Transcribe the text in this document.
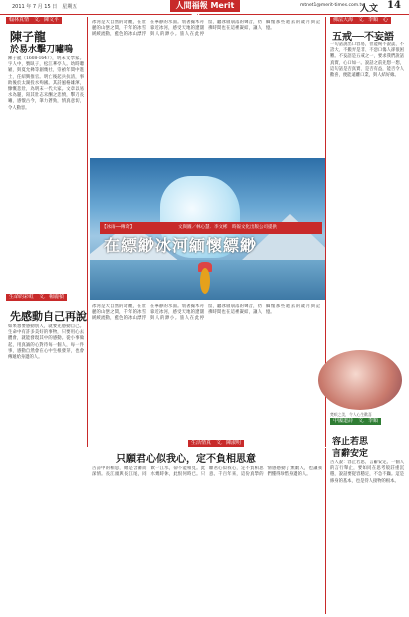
2011 年 7 月 15 日　星期五	人間福報 Merit Times
mtnet1@merit-times.com.tw
人文 14
翰林真情　文．陳文平
陳子龍
於易水擊刀嘯嗚
陳子龍（1608-1647），明末文學家。字人中，號臥子，松江華亭人。幼時聰穎，與夏允彝等創幾社，崇禎年間中進士，任紹興推官。明亡後起兵抗清，事敗後於太湖投水殉國。其詩風格雄渾，慷慨悲壯，為明末一代大家。文章以易水為題，寫其壯志未酬之悲憤，擊刀長嘯，感懷古今，筆力蒼勁，情真意切，令人動容。
生命的彩虹　文．楊麗楨
先感動自己再說
如果想要感動別人，就要先感動自己。生命中有許多美好的事物，只要用心去體會，就能發現其中的感動。從小事做起，用真誠的心對待每一個人，每一件事，感動自然會在心中生根發芽，也會傳遞給身邊的人。
冰河是大自然的奇觀，在壯麗的山巒之間，千年的冰雪緩緩流動，藍色的冰山漂浮在寧靜的水面。划著獨木舟靠近冰河，感受天地的遼闊與人的渺小。旅人在此停留，聽冰層崩落的聲音，彷彿時間也在這裡凝結，讓人緬懷那些逝去的歲月與記憶。
【冰雨──傳奇】	文與圖／林心慧．李文彬　時報文化出版公司提供
在縹緲冰河緬懷縹緲
冰河是大自然的奇觀，在壯麗的山巒之間，千年的冰雪緩緩流動，藍色的冰山漂浮在寧靜的水面。划著獨木舟靠近冰河，感受天地的遼闊與人的渺小。旅人在此停留，聽冰層崩落的聲音，彷彿時間也在這裡凝結，讓人緬懷那些逝去的歲月與記憶。
佛法大海　文．李順　心
五戒──不妄語
一句話說出口容易，但能夠不說謊、不誇大、不搬弄是非、不惡口傷人卻很困難。不妄語是五戒之一，要求我們說話真實，心口如一。說話之前先想一想，這句話是否真實、是否有益，能否令人歡喜，便能遠離口業，與人結好緣。
梵唄之美，令人心生歡喜
中國道詩　文．李順
容止若思
言辭安定
古人說：容止若思，言辭安定。一個人的言行舉止，要如同在思考般莊重沉穩，說話要從容穩定，不急不躁。這是修身的基本，也是待人接物的根本。
生活情真　文．陳淑明
只願君心似我心，定不負相思意
古詩中的相思，總是含蓄而深情。長江頭與長江尾，同飲一江水，卻不能相見。此水幾時休，此恨何時已。只願君心似我心，定不負相思意。千百年來，這份真摯的情感感動了無數人，也讓我們懂得珍惜身邊的人。
